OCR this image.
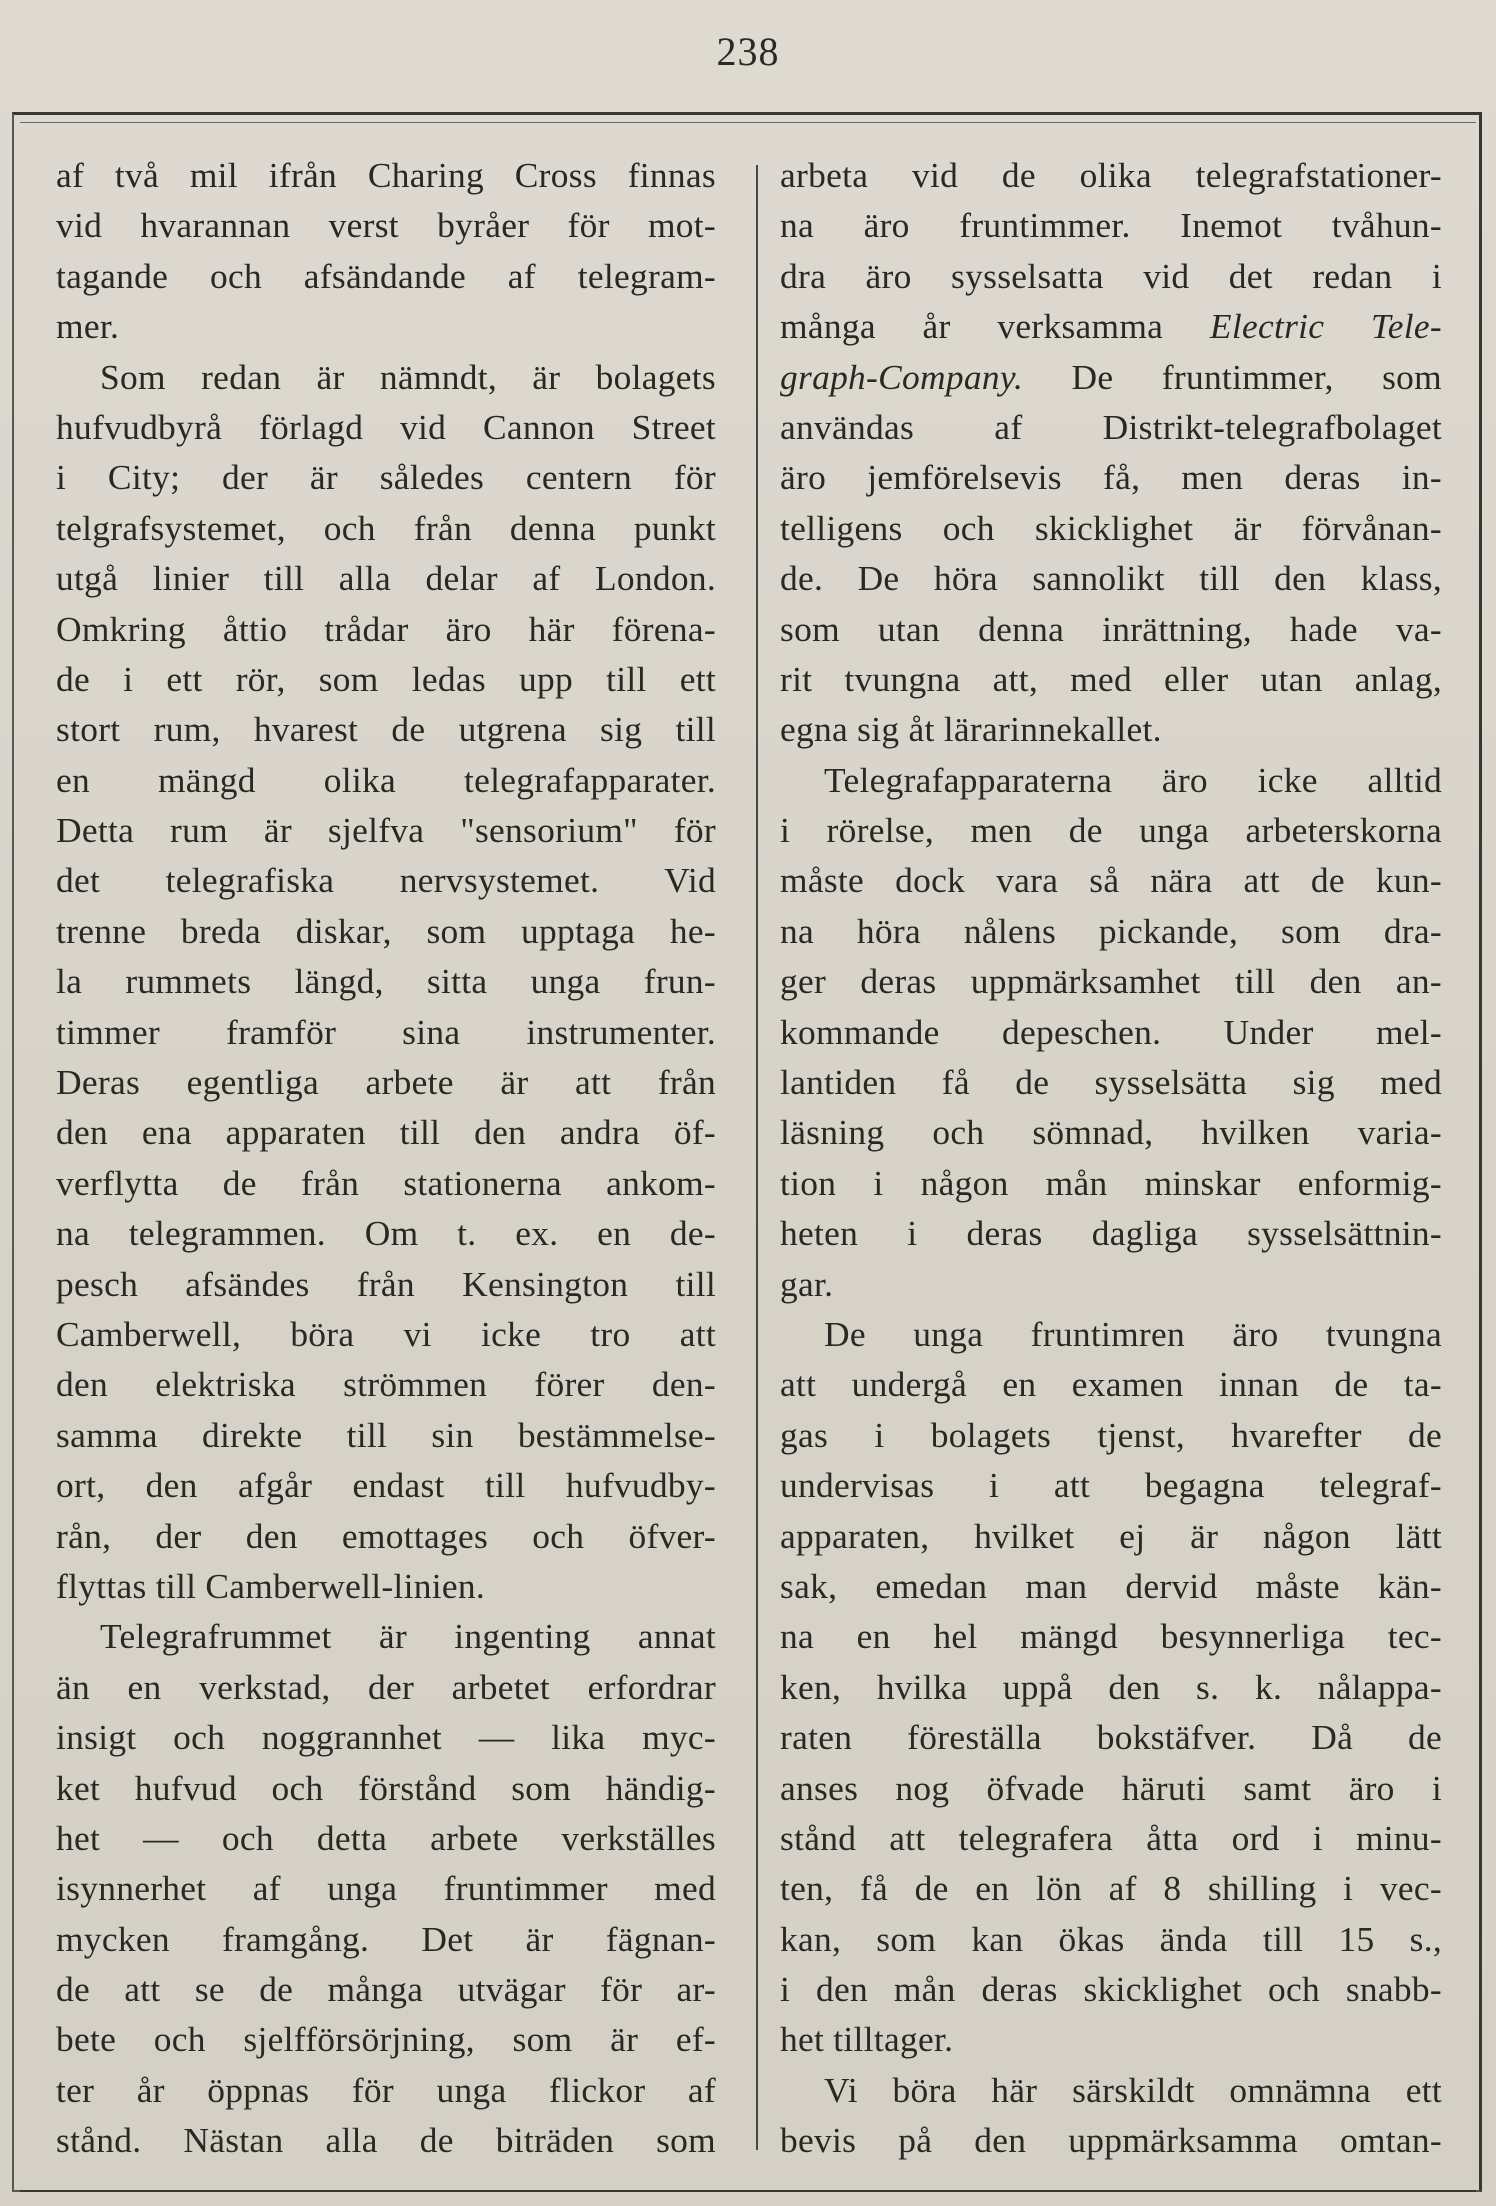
238
af två mil ifrån Charing Cross finnas
vid hvarannan verst byråer för mot-
tagande och afsändande af telegram-
mer.
Som redan är nämndt, är bolagets
hufvudbyrå förlagd vid Cannon Street
i City; der är således centern för
telgrafsystemet, och från denna punkt
utgå linier till alla delar af London.
Omkring åttio trådar äro här förena-
de i ett rör, som ledas upp till ett
stort rum, hvarest de utgrena sig till
en mängd olika telegrafapparater.
Detta rum är sjelfva "sensorium" för
det telegrafiska nervsystemet. Vid
trenne breda diskar, som upptaga he-
la rummets längd, sitta unga frun-
timmer framför sina instrumenter.
Deras egentliga arbete är att från
den ena apparaten till den andra öf-
verflytta de från stationerna ankom-
na telegrammen. Om t. ex. en de-
pesch afsändes från Kensington till
Camberwell, böra vi icke tro att
den elektriska strömmen förer den-
samma direkte till sin bestämmelse-
ort, den afgår endast till hufvudby-
rån, der den emottages och öfver-
flyttas till Camberwell-linien.
Telegrafrummet är ingenting annat
än en verkstad, der arbetet erfordrar
insigt och noggrannhet — lika myc-
ket hufvud och förstånd som händig-
het — och detta arbete verkställes
isynnerhet af unga fruntimmer med
mycken framgång. Det är fägnan-
de att se de många utvägar för ar-
bete och sjelfförsörjning, som är ef-
ter år öppnas för unga flickor af
stånd. Nästan alla de biträden som
arbeta vid de olika telegrafstationer-
na äro fruntimmer. Inemot tvåhun-
dra äro sysselsatta vid det redan i
många år verksamma Electric Tele-
graph-Company. De fruntimmer, som
användas af Distrikt-telegrafbolaget
äro jemförelsevis få, men deras in-
telligens och skicklighet är förvånan-
de. De höra sannolikt till den klass,
som utan denna inrättning, hade va-
rit tvungna att, med eller utan anlag,
egna sig åt lärarinnekallet.
Telegrafapparaterna äro icke alltid
i rörelse, men de unga arbeterskorna
måste dock vara så nära att de kun-
na höra nålens pickande, som dra-
ger deras uppmärksamhet till den an-
kommande depeschen. Under mel-
lantiden få de sysselsätta sig med
läsning och sömnad, hvilken varia-
tion i någon mån minskar enformig-
heten i deras dagliga sysselsättnin-
gar.
De unga fruntimren äro tvungna
att undergå en examen innan de ta-
gas i bolagets tjenst, hvarefter de
undervisas i att begagna telegraf-
apparaten, hvilket ej är någon lätt
sak, emedan man dervid måste kän-
na en hel mängd besynnerliga tec-
ken, hvilka uppå den s. k. nålappa-
raten föreställa bokstäfver. Då de
anses nog öfvade häruti samt äro i
stånd att telegrafera åtta ord i minu-
ten, få de en lön af 8 shilling i vec-
kan, som kan ökas ända till 15 s.,
i den mån deras skicklighet och snabb-
het tilltager.
Vi böra här särskildt omnämna ett
bevis på den uppmärksamma omtan-
